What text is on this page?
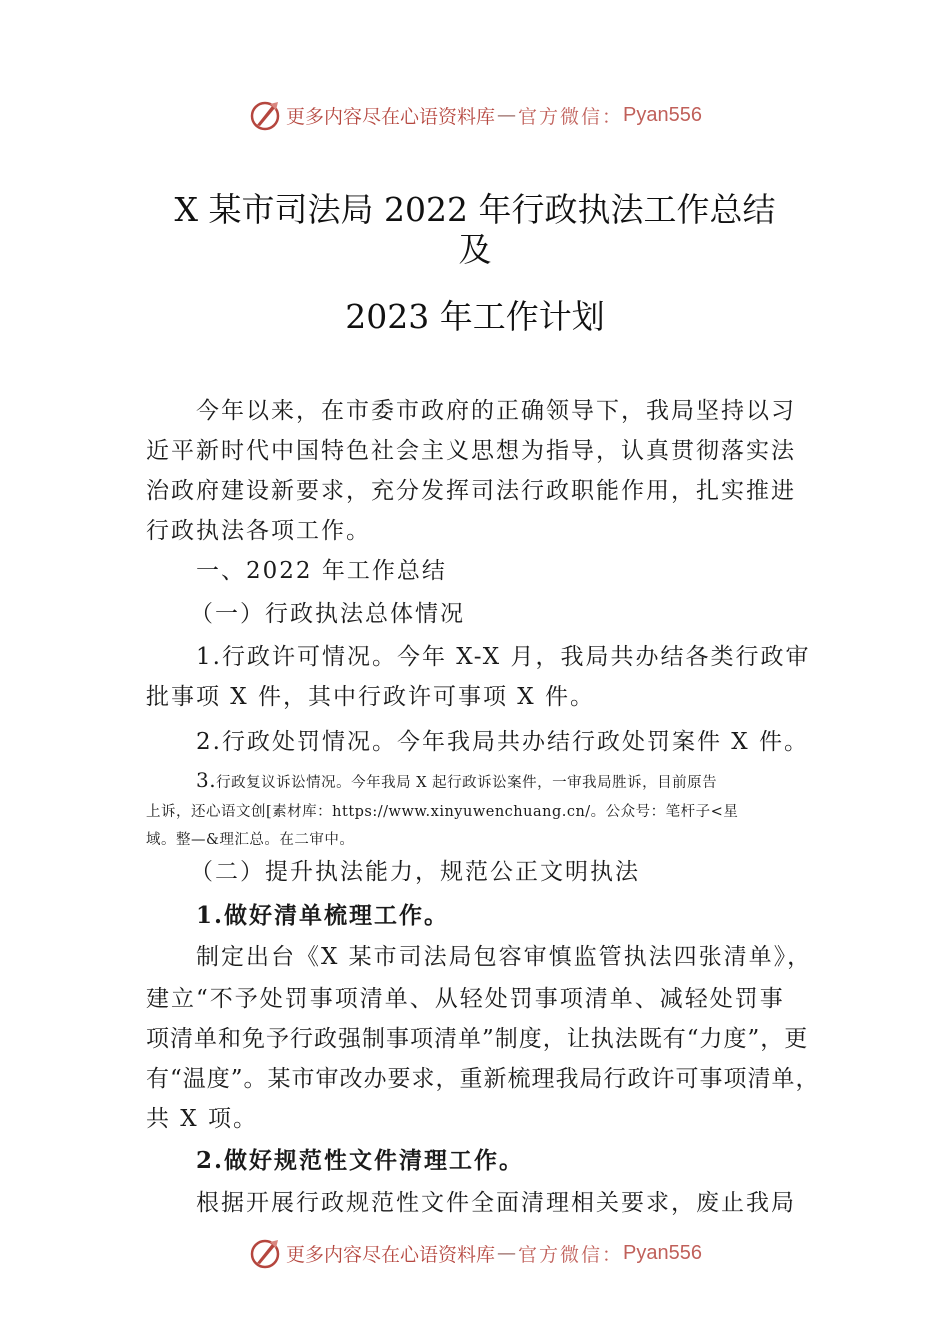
更多内容尽在心语资料库 — 官方微信： Pyan556
X 某市司法局 2022 年行政执法工作总结
及
2023 年工作计划
今年以来，在市委市政府的正确领导下，我局坚持以习
近平新时代中国特色社会主义思想为指导，认真贯彻落实法
治政府建设新要求，充分发挥司法行政职能作用，扎实推进
行政执法各项工作。
一、2022 年工作总结
（一）行政执法总体情况
1.行政许可情况。今年 X-X 月，我局共办结各类行政审
批事项 X 件，其中行政许可事项 X 件。
2.行政处罚情况。今年我局共办结行政处罚案件 X 件。
3.行政复议诉讼情况。今年我局 X 起行政诉讼案件，一审我局胜诉，目前原告
上诉，还心语文创[素材库：https://www.xinyuwenchuang.cn/。公众号：笔杆子<星
域。整—&理汇总。在二审中。
（二）提升执法能力，规范公正文明执法
1.做好清单梳理工作。
制定出台《X 某市司法局包容审慎监管执法四张清单》，
建立“不予处罚事项清单、从轻处罚事项清单、减轻处罚事
项清单和免予行政强制事项清单”制度，让执法既有“力度”，更
有“温度”。某市审改办要求，重新梳理我局行政许可事项清单，
共 X 项。
2.做好规范性文件清理工作。
根据开展行政规范性文件全面清理相关要求，废止我局
更多内容尽在心语资料库 — 官方微信： Pyan556
